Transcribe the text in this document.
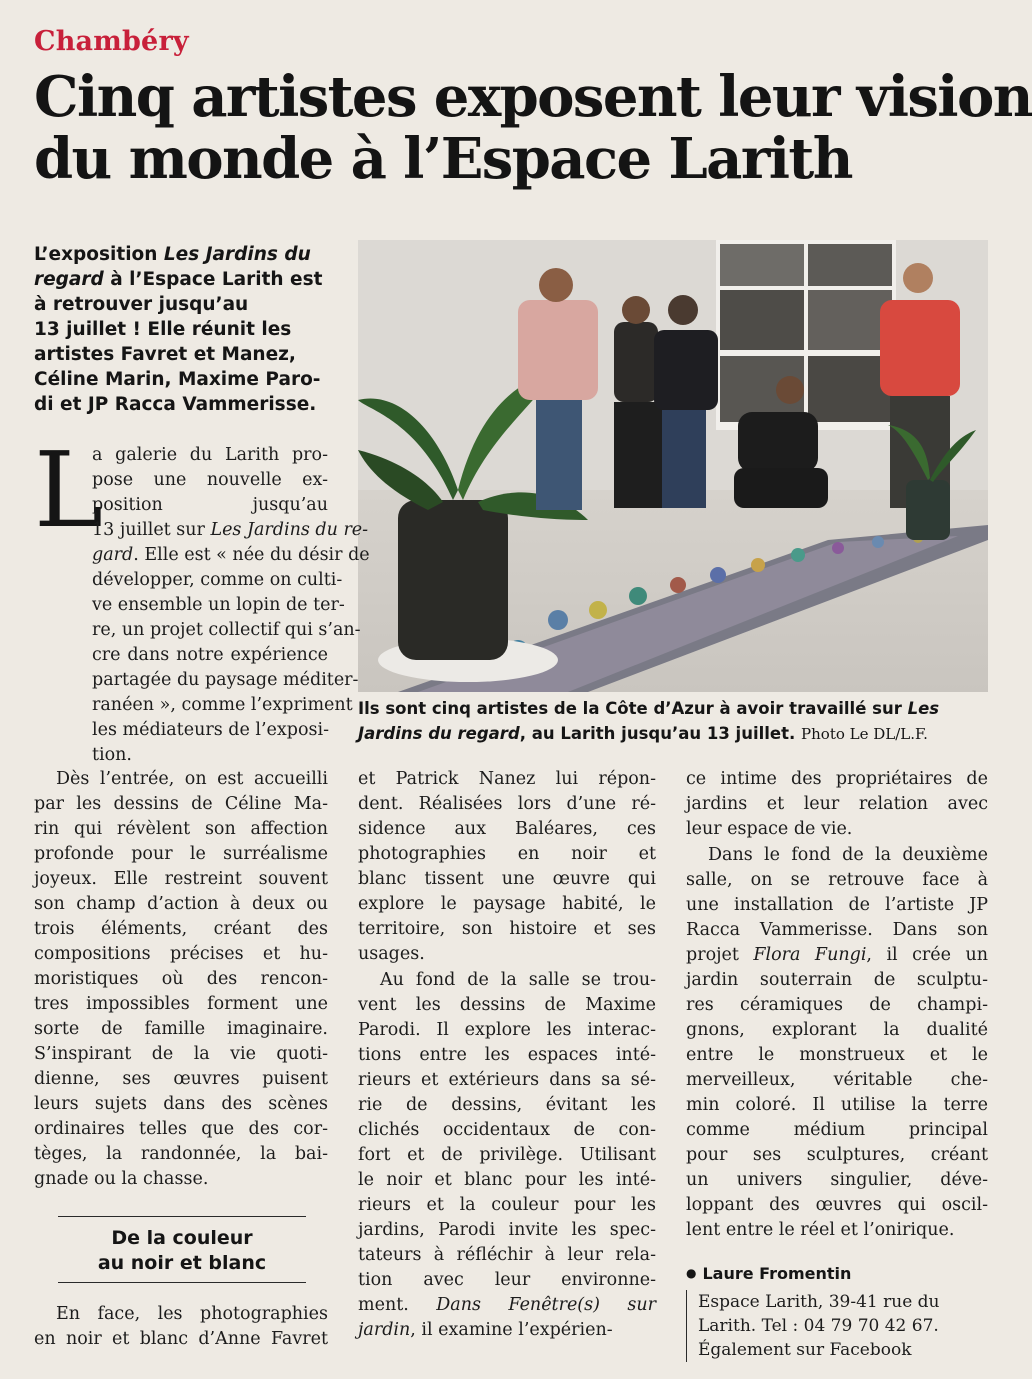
Chambéry
Cinq artistes exposent leur vision
du monde à l’Espace Larith
L’exposition Les Jardins du
regard à l’Espace Larith est
à retrouver jusqu’au
13 juillet ! Elle réunit les
artistes Favret et Manez,
Céline Marin, Maxime Paro-
di et JP Racca Vammerisse.
Ils sont cinq artistes de la Côte d’Azur à avoir travaillé sur Les
Jardins du regard, au Larith jusqu’au 13 juillet. Photo Le DL/L.F.
L
a galerie du Larith pro-
pose une nouvelle ex-
position jusqu’au
13 juillet sur Les Jardins du re-
gard. Elle est « née du désir de
développer, comme on culti-
ve ensemble un lopin de ter-
re, un projet collectif qui s’an-
cre dans notre expérience
partagée du paysage méditer-
ranéen », comme l’expriment
les médiateurs de l’exposi-
tion.
Dès l’entrée, on est accueilli
par les dessins de Céline Ma-
rin qui révèlent son affection
profonde pour le surréalisme
joyeux. Elle restreint souvent
son champ d’action à deux ou
trois éléments, créant des
compositions précises et hu-
moristiques où des rencon-
tres impossibles forment une
sorte de famille imaginaire.
S’inspirant de la vie quoti-
dienne, ses œuvres puisent
leurs sujets dans des scènes
ordinaires telles que des cor-
tèges, la randonnée, la bai-
gnade ou la chasse.
De la couleur
au noir et blanc
En face, les photographies
en noir et blanc d’Anne Favret
et Patrick Nanez lui répon-
dent. Réalisées lors d’une ré-
sidence aux Baléares, ces
photographies en noir et
blanc tissent une œuvre qui
explore le paysage habité, le
territoire, son histoire et ses
usages.
Au fond de la salle se trou-
vent les dessins de Maxime
Parodi. Il explore les interac-
tions entre les espaces inté-
rieurs et extérieurs dans sa sé-
rie de dessins, évitant les
clichés occidentaux de con-
fort et de privilège. Utilisant
le noir et blanc pour les inté-
rieurs et la couleur pour les
jardins, Parodi invite les spec-
tateurs à réfléchir à leur rela-
tion avec leur environne-
ment. Dans Fenêtre(s) sur
jardin, il examine l’expérien-
ce intime des propriétaires de
jardins et leur relation avec
leur espace de vie.
Dans le fond de la deuxième
salle, on se retrouve face à
une installation de l’artiste JP
Racca Vammerisse. Dans son
projet Flora Fungi, il crée un
jardin souterrain de sculptu-
res céramiques de champi-
gnons, explorant la dualité
entre le monstrueux et le
merveilleux, véritable che-
min coloré. Il utilise la terre
comme médium principal
pour ses sculptures, créant
un univers singulier, déve-
loppant des œuvres qui oscil-
lent entre le réel et l’onirique.
● Laure Fromentin
Espace Larith, 39-41 rue du
Larith. Tel : 04 79 70 42 67.
Également sur Facebook
